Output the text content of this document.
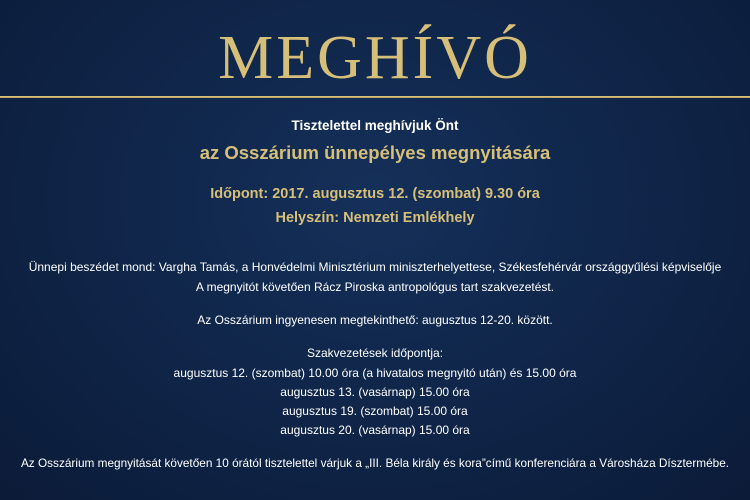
MEGHÍVÓ
Tisztelettel meghívjuk Önt
az Osszárium ünnepélyes megnyitására
Időpont: 2017. augusztus 12. (szombat) 9.30 óra
Helyszín: Nemzeti Emlékhely
Ünnepi beszédet mond: Vargha Tamás, a Honvédelmi Minisztérium miniszterhelyettese, Székesfehérvár országgyűlési képviselője
A megnyitót követően Rácz Piroska antropológus tart szakvezetést.
Az Osszárium ingyenesen megtekinthető: augusztus 12-20. között.
Szakvezetések időpontja:
augusztus 12. (szombat) 10.00 óra (a hivatalos megnyitó után) és 15.00 óra
augusztus 13. (vasárnap) 15.00 óra
augusztus 19. (szombat) 15.00 óra
augusztus 20. (vasárnap) 15.00 óra
Az Osszárium megnyitását követően 10 órától tisztelettel várjuk a „III. Béla király és kora”című konferenciára a Városháza Dísztermébe.
